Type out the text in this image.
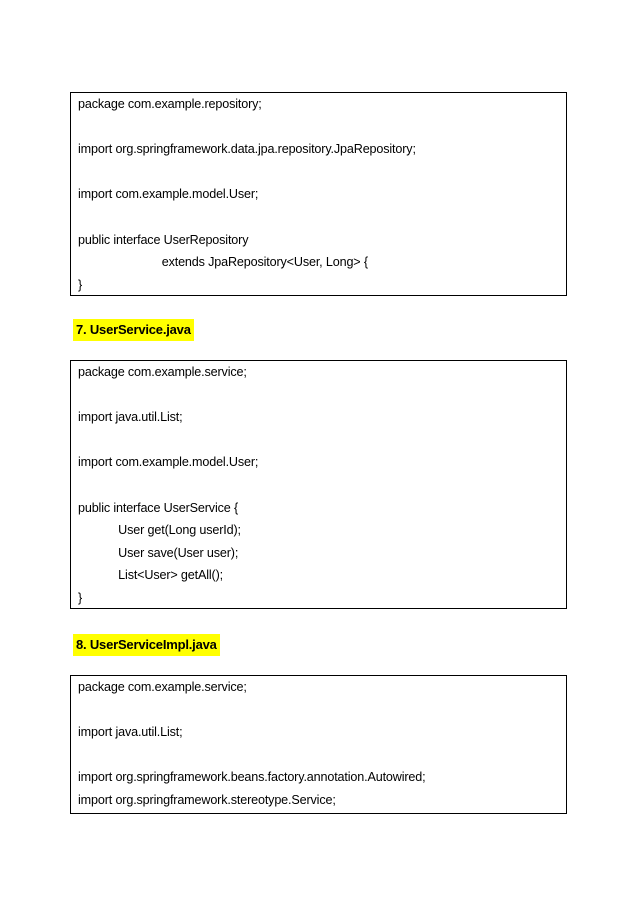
package com.example.repository;
import org.springframework.data.jpa.repository.JpaRepository;
import com.example.model.User;
public interface UserRepository
extends JpaRepository<User, Long> {
}
7. UserService.java
package com.example.service;
import java.util.List;
import com.example.model.User;
public interface UserService {
User get(Long userId);
User save(User user);
List<User> getAll();
}
8. UserServiceImpl.java
package com.example.service;
import java.util.List;
import org.springframework.beans.factory.annotation.Autowired;
import org.springframework.stereotype.Service;
